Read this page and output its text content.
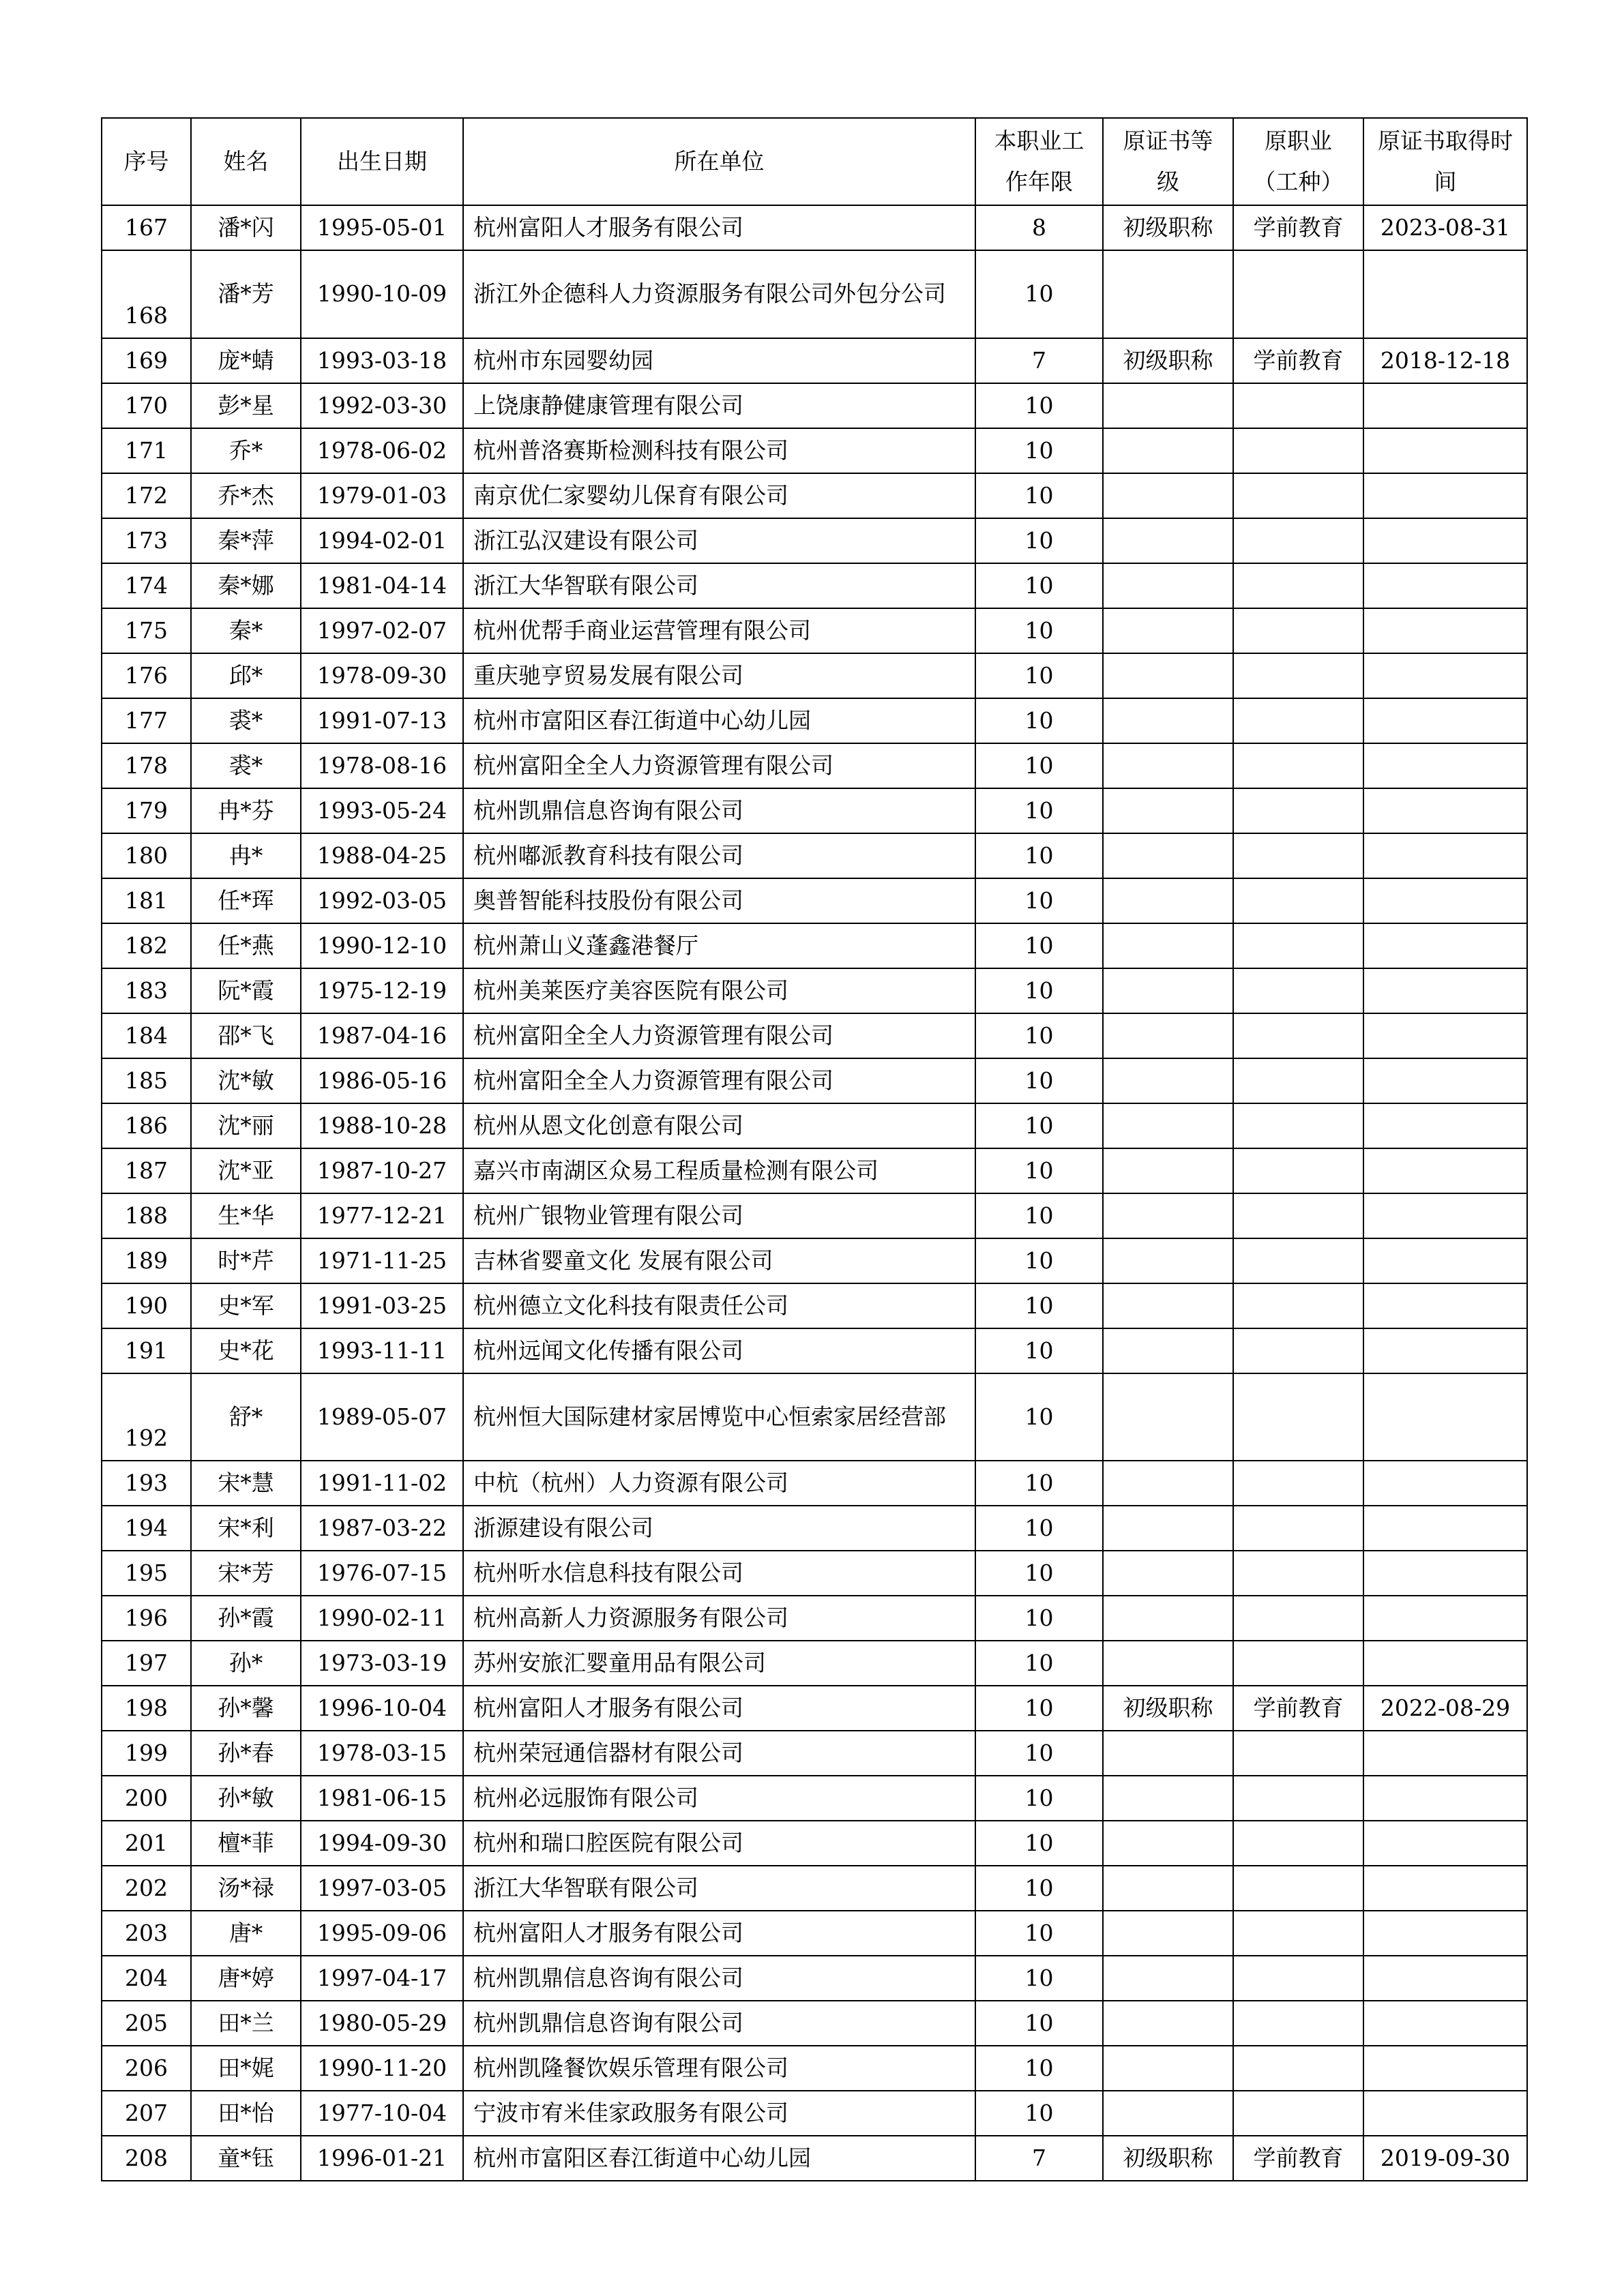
序号	姓名	出生日期	所在单位	本职业工作年限	原证书等级	原职业（工种）	原证书取得时间
167	潘*闪	1995-05-01	杭州富阳人才服务有限公司	8	初级职称	学前教育	2023-08-31
168	潘*芳	1990-10-09	浙江外企德科人力资源服务有限公司外包分公司	10			
169	庞*蜻	1993-03-18	杭州市东园婴幼园	7	初级职称	学前教育	2018-12-18
170	彭*星	1992-03-30	上饶康静健康管理有限公司	10			
171	乔*	1978-06-02	杭州普洛赛斯检测科技有限公司	10			
172	乔*杰	1979-01-03	南京优仁家婴幼儿保育有限公司	10			
173	秦*萍	1994-02-01	浙江弘汉建设有限公司	10			
174	秦*娜	1981-04-14	浙江大华智联有限公司	10			
175	秦*	1997-02-07	杭州优帮手商业运营管理有限公司	10			
176	邱*	1978-09-30	重庆驰亨贸易发展有限公司	10			
177	裘*	1991-07-13	杭州市富阳区春江街道中心幼儿园	10			
178	裘*	1978-08-16	杭州富阳全全人力资源管理有限公司	10			
179	冉*芬	1993-05-24	杭州凯鼎信息咨询有限公司	10			
180	冉*	1988-04-25	杭州嘟派教育科技有限公司	10			
181	任*珲	1992-03-05	奥普智能科技股份有限公司	10			
182	任*燕	1990-12-10	杭州萧山义蓬鑫港餐厅	10			
183	阮*霞	1975-12-19	杭州美莱医疗美容医院有限公司	10			
184	邵*飞	1987-04-16	杭州富阳全全人力资源管理有限公司	10			
185	沈*敏	1986-05-16	杭州富阳全全人力资源管理有限公司	10			
186	沈*丽	1988-10-28	杭州从恩文化创意有限公司	10			
187	沈*亚	1987-10-27	嘉兴市南湖区众易工程质量检测有限公司	10			
188	生*华	1977-12-21	杭州广银物业管理有限公司	10			
189	时*芹	1971-11-25	吉林省婴童文化 发展有限公司	10			
190	史*军	1991-03-25	杭州德立文化科技有限责任公司	10			
191	史*花	1993-11-11	杭州远闻文化传播有限公司	10			
192	舒*	1989-05-07	杭州恒大国际建材家居博览中心恒索家居经营部	10			
193	宋*慧	1991-11-02	中杭（杭州）人力资源有限公司	10			
194	宋*利	1987-03-22	浙源建设有限公司	10			
195	宋*芳	1976-07-15	杭州听水信息科技有限公司	10			
196	孙*霞	1990-02-11	杭州高新人力资源服务有限公司	10			
197	孙*	1973-03-19	苏州安旅汇婴童用品有限公司	10			
198	孙*馨	1996-10-04	杭州富阳人才服务有限公司	10	初级职称	学前教育	2022-08-29
199	孙*春	1978-03-15	杭州荣冠通信器材有限公司	10			
200	孙*敏	1981-06-15	杭州必远服饰有限公司	10			
201	檀*菲	1994-09-30	杭州和瑞口腔医院有限公司	10			
202	汤*禄	1997-03-05	浙江大华智联有限公司	10			
203	唐*	1995-09-06	杭州富阳人才服务有限公司	10			
204	唐*婷	1997-04-17	杭州凯鼎信息咨询有限公司	10			
205	田*兰	1980-05-29	杭州凯鼎信息咨询有限公司	10			
206	田*娓	1990-11-20	杭州凯隆餐饮娱乐管理有限公司	10			
207	田*怡	1977-10-04	宁波市宥米佳家政服务有限公司	10			
208	童*钰	1996-01-21	杭州市富阳区春江街道中心幼儿园	7	初级职称	学前教育	2019-09-30
